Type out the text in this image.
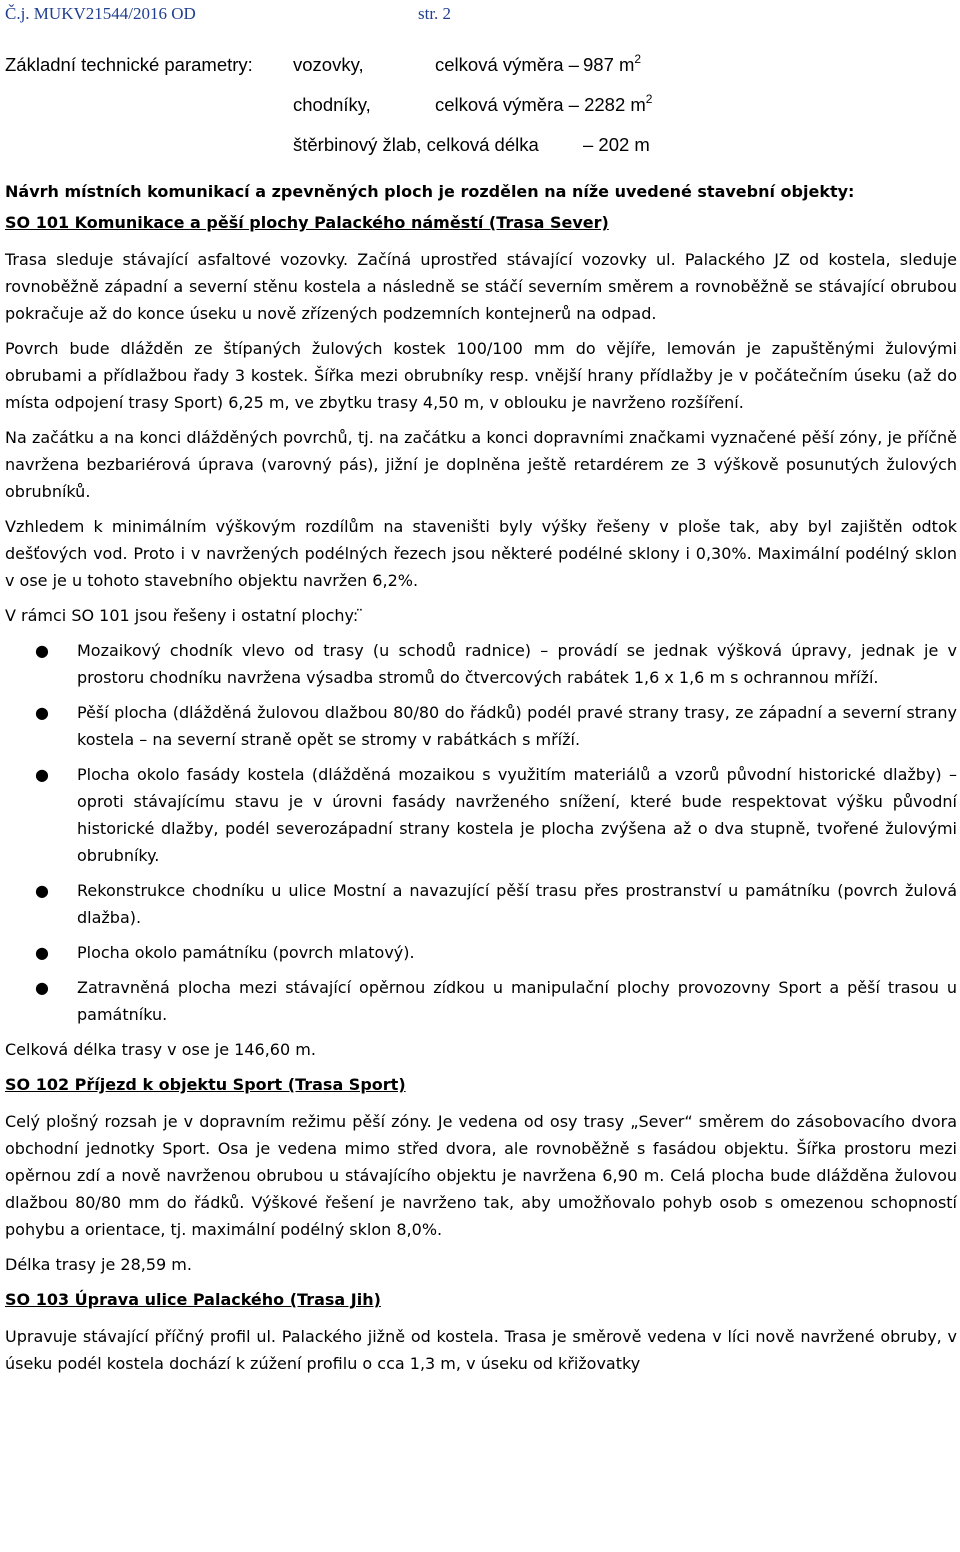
Č.j. MUKV21544/2016 OD	str. 2
Základní technické parametry: vozovky,	celková výměra – 987 $m^2$
chodníky,	celková výměra – 2282 $m^2$
štěrbinový žlab, celková délka – 202 m

Návrh místních komunikací a zpevněných ploch je rozdělen na níže uvedené stavební objekty:

SO 101 Komunikace a pěší plochy Palackého náměstí (Trasa Sever)

Trasa sleduje stávající asfaltové vozovky. Začíná uprostřed stávající vozovky ul. Palackého JZ od kostela, sleduje rovnoběžně západní a severní stěnu kostela a následně se stáčí severním směrem a rovnoběžně se stávající obrubou pokračuje až do konce úseku u nově zřízených podzemních kontejnerů na odpad.

Povrch bude dlážděn ze štípaných žulových kostek 100/100 mm do vějíře, lemován je zapuštěnými žulovými obrubami a přídlažbou řady 3 kostek. Šířka mezi obrubníky resp. vnější hrany přídlažby je v počátečním úseku (až do místa odpojení trasy Sport) 6,25 m, ve zbytku trasy 4,50 m, v oblouku je navrženo rozšíření.

Na začátku a na konci dlážděných povrchů, tj. na začátku a konci dopravními značkami vyznačené pěší zóny, je příčně navržena bezbariérová úprava (varovný pás), jižní je doplněna ještě retardérem ze 3 výškově posunutých žulových obrubníků.

Vzhledem k minimálním výškovým rozdílům na staveništi byly výšky řešeny v ploše tak, aby byl zajištěn odtok dešťových vod. Proto i v navržených podélných řezech jsou některé podélné sklony i 0,30%. Maximální podélný sklon v ose je u tohoto stavebního objektu navržen 6,2%.

V rámci SO 101 jsou řešeny i ostatní plochy: ̈

● Mozaikový chodník vlevo od trasy (u schodů radnice) – provádí se jednak výšková úpravy, jednak je v prostoru chodníku navržena výsadba stromů do čtvercových rabátek 1,6 x 1,6 m s ochrannou mříží.
● Pěší plocha (dlážděná žulovou dlažbou 80/80 do řádků) podél pravé strany trasy, ze západní a severní strany kostela – na severní straně opět se stromy v rabátkách s mříží.
● Plocha okolo fasády kostela (dlážděná mozaikou s využitím materiálů a vzorů původní historické dlažby) – oproti stávajícímu stavu je v úrovni fasády navrženého snížení, které bude respektovat výšku původní historické dlažby, podél severozápadní strany kostela je plocha zvýšena až o dva stupně, tvořené žulovými obrubníky.
● Rekonstrukce chodníku u ulice Mostní a navazující pěší trasu přes prostranství u památníku (povrch žulová dlažba).
● Plocha okolo památníku (povrch mlatový).
● Zatravněná plocha mezi stávající opěrnou zídkou u manipulační plochy provozovny Sport a pěší trasou u památníku.

Celková délka trasy v ose je 146,60 m.

SO 102 Příjezd k objektu Sport (Trasa Sport)

Celý plošný rozsah je v dopravním režimu pěší zóny. Je vedena od osy trasy „Sever“ směrem do zásobovacího dvora obchodní jednotky Sport. Osa je vedena mimo střed dvora, ale rovnoběžně s fasádou objektu. Šířka prostoru mezi opěrnou zdí a nově navrženou obrubou u stávajícího objektu je navržena 6,90 m. Celá plocha bude dlážděna žulovou dlažbou 80/80 mm do řádků. Výškové řešení je navrženo tak, aby umožňovalo pohyb osob s omezenou schopností pohybu a orientace, tj. maximální podélný sklon 8,0%.

Délka trasy je 28,59 m.

SO 103 Úprava ulice Palackého (Trasa Jih)

Upravuje stávající příčný profil ul. Palackého jižně od kostela. Trasa je směrově vedena v líci nově navržené obruby, v úseku podél kostela dochází k zúžení profilu o cca 1,3 m, v úseku od křižovatky
